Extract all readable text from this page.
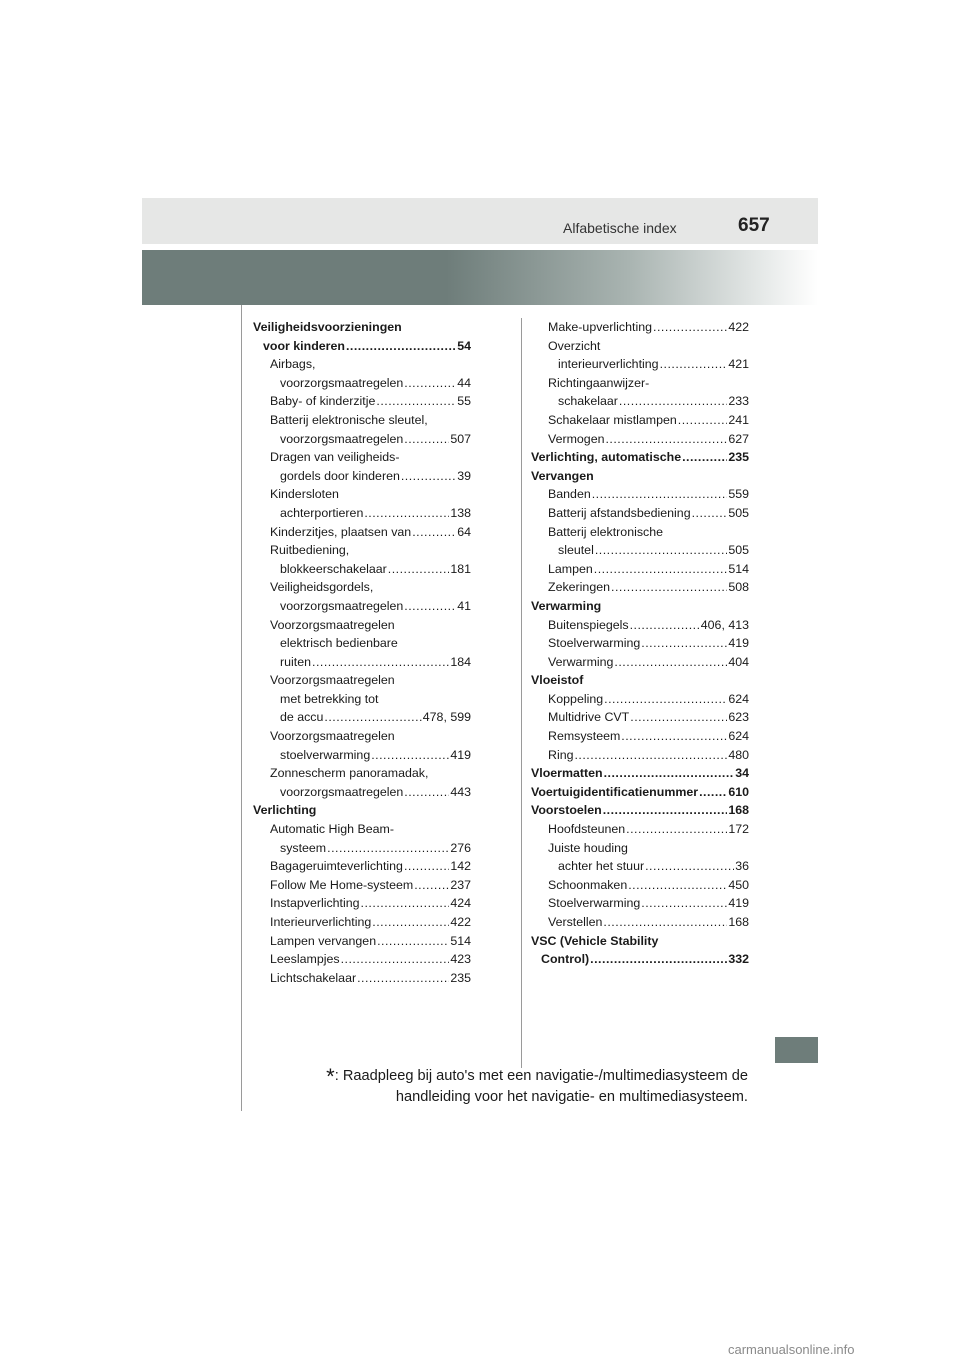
Alfabetische index	657
Veiligheidsvoorzieningen
voor kinderen .....	54
Airbags,
voorzorgsmaatregelen .....	44
Baby- of kinderzitje .....	55
Batterij elektronische sleutel,
voorzorgsmaatregelen .....	507
Dragen van veiligheids-
gordels door kinderen .....	39
Kindersloten
achterportieren .....	138
Kinderzitjes, plaatsen van .....	64
Ruitbediening,
blokkeerschakelaar .....	181
Veiligheidsgordels,
voorzorgsmaatregelen .....	41
Voorzorgsmaatregelen
elektrisch bedienbare
ruiten .....	184
Voorzorgsmaatregelen
met betrekking tot
de accu .....	478, 599
Voorzorgsmaatregelen
stoelverwarming .....	419
Zonnescherm panoramadak,
voorzorgsmaatregelen .....	443
Verlichting
Automatic High Beam-
systeem .....	276
Bagageruimteverlichting .....	142
Follow Me Home-systeem .....	237
Instapverlichting .....	424
Interieurverlichting .....	422
Lampen vervangen .....	514
Leeslampjes .....	423
Lichtschakelaar .....	235
Make-upverlichting .....	422
Overzicht
interieurverlichting .....	421
Richtingaanwijzer-
schakelaar .....	233
Schakelaar mistlampen .....	241
Vermogen .....	627
Verlichting, automatische .....	235
Vervangen
Banden .....	559
Batterij afstandsbediening .....	505
Batterij elektronische
sleutel .....	505
Lampen .....	514
Zekeringen .....	508
Verwarming
Buitenspiegels .....	406, 413
Stoelverwarming .....	419
Verwarming .....	404
Vloeistof
Koppeling .....	624
Multidrive CVT .....	623
Remsysteem .....	624
Ring .....	480
Vloermatten .....	34
Voertuigidentificatienummer ..... 610
Voorstoelen .....	168
Hoofdsteunen .....	172
Juiste houding
achter het stuur .....	36
Schoonmaken .....	450
Stoelverwarming .....	419
Verstellen .....	168
VSC (Vehicle Stability
Control) .....	332
*: Raadpleeg bij auto's met een navigatie-/multimediasysteem de
handleiding voor het navigatie- en multimediasysteem.
carmanualsonline.info
